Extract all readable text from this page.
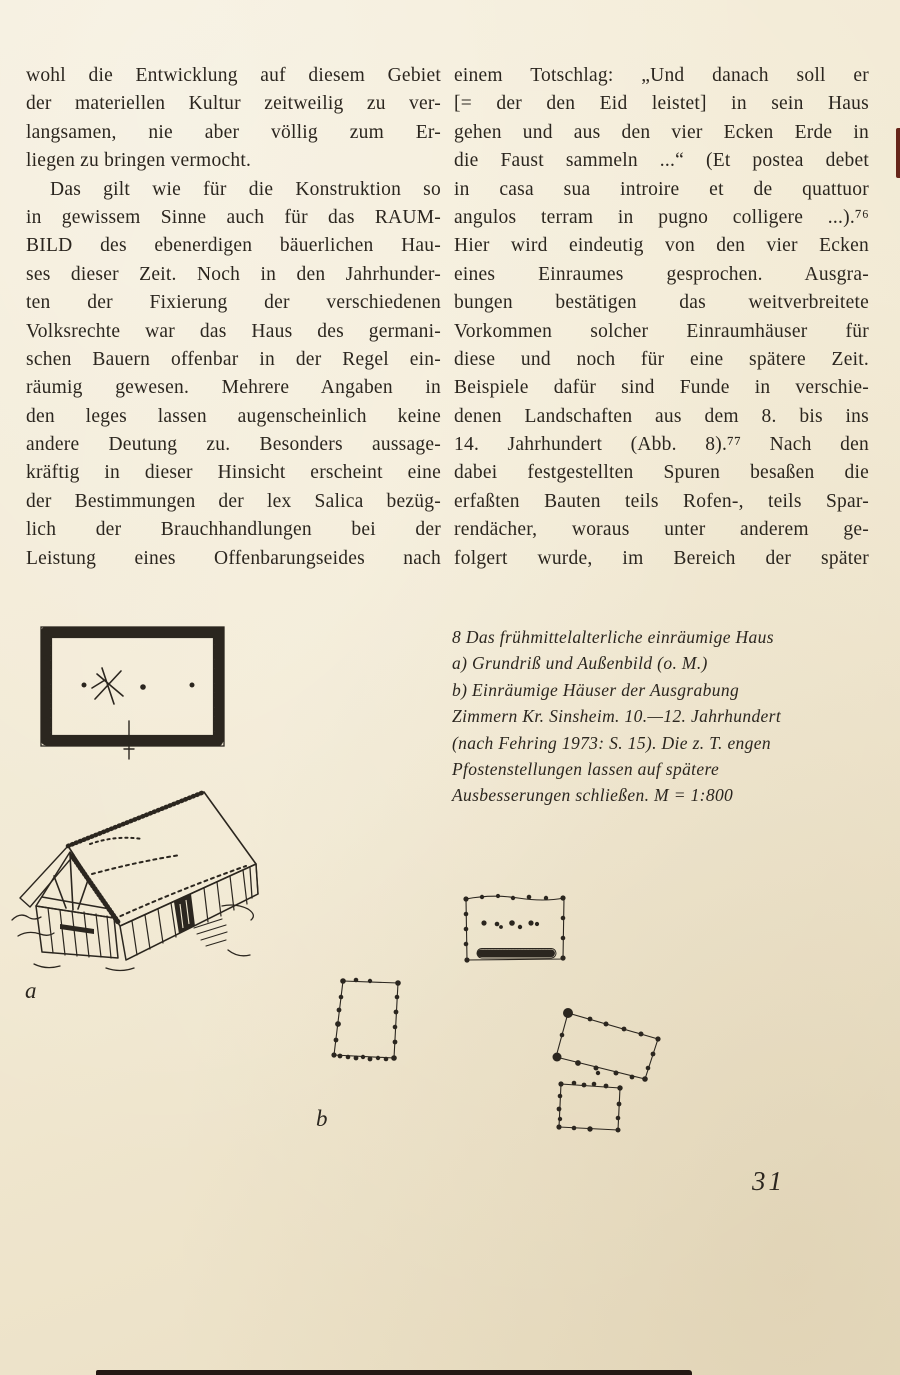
wohl die Entwicklung auf diesem Gebiet
der materiellen Kultur zeitweilig zu ver-
langsamen, nie aber völlig zum Er-
liegen zu bringen vermocht.
Das gilt wie für die Konstruktion so
in gewissem Sinne auch für das RAUM-
BILD des ebenerdigen bäuerlichen Hau-
ses dieser Zeit. Noch in den Jahrhunder-
ten der Fixierung der verschiedenen
Volksrechte war das Haus des germani-
schen Bauern offenbar in der Regel ein-
räumig gewesen. Mehrere Angaben in
den leges lassen augenscheinlich keine
andere Deutung zu. Besonders aussage-
kräftig in dieser Hinsicht erscheint eine
der Bestimmungen der lex Salica bezüg-
lich der Brauchhandlungen bei der
Leistung eines Offenbarungseides nach
einem Totschlag: „Und danach soll er
[= der den Eid leistet] in sein Haus
gehen und aus den vier Ecken Erde in
die Faust sammeln ...“ (Et postea debet
in casa sua introire et de quattuor
angulos terram in pugno colligere ...).⁷⁶
Hier wird eindeutig von den vier Ecken
eines Einraumes gesprochen. Ausgra-
bungen bestätigen das weitverbreitete
Vorkommen solcher Einraumhäuser für
diese und noch für eine spätere Zeit.
Beispiele dafür sind Funde in verschie-
denen Landschaften aus dem 8. bis ins
14. Jahrhundert (Abb. 8).⁷⁷ Nach den
dabei festgestellten Spuren besaßen die
erfaßten Bauten teils Rofen-, teils Spar-
rendächer, woraus unter anderem ge-
folgert wurde, im Bereich der später
8 Das frühmittelalterliche einräumige Haus
a) Grundriß und Außenbild (o. M.)
b) Einräumige Häuser der Ausgrabung
Zimmern Kr. Sinsheim. 10.—12. Jahrhundert
(nach Fehring 1973: S. 15). Die z. T. engen
Pfostenstellungen lassen auf spätere
Ausbesserungen schließen. M = 1:800
a
b
31
